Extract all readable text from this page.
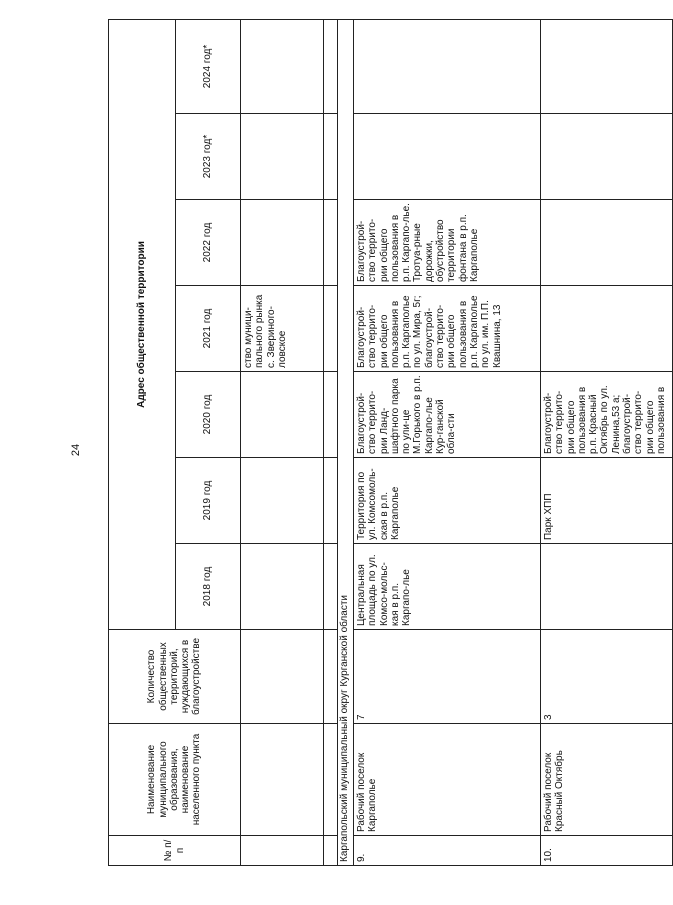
24
№ п/п	Наименование муниципального образования, наименование населенного пункта	Количество общественных территорий, нуждающихся в благоустройстве	Адрес общественной территории						
			2018 год	2019 год	2020 год	2021 год	2022 год	2023 год*	2024 год*
						ство муници-пального рынка с. Звериного-ловское			

Каргапольский муниципальный округ Курганской области									
9.	Рабочий поселок Каргаполье	7	Центральная площадь по ул. Комсо-мольс-кая в р.п. Каргапо-лье	Территория по ул. Комсомоль-ская в р.п. Каргаполье	Благоустрой-ство террито-рии Ланд-шафтного парка по ули-це М.Горького в р.п. Каргапо-лье Кур-ганской обла-сти	Благоустрой-ство террито-рии общего пользования в р.п. Каргаполье по ул. Мира, 5г; благоустрой-ство террито-рии общего пользования в р.п. Каргаполье по ул. им. П.П. Квашнина, 13	Благоустрой-ство террито-рии общего пользования в р.п. Каргапо-лье. Тротуа-рные дорожки, обустройство территории фонтана в р.п. Каргаполье		
10.	Рабочий поселок Красный Октябрь	3		Парк ХПП	Благоустрой-ство террито-рии общего пользования в р.п. Красный Октябрь по ул. Ленина,53 а; благоустрой-ство террито-рии общего пользования в				
